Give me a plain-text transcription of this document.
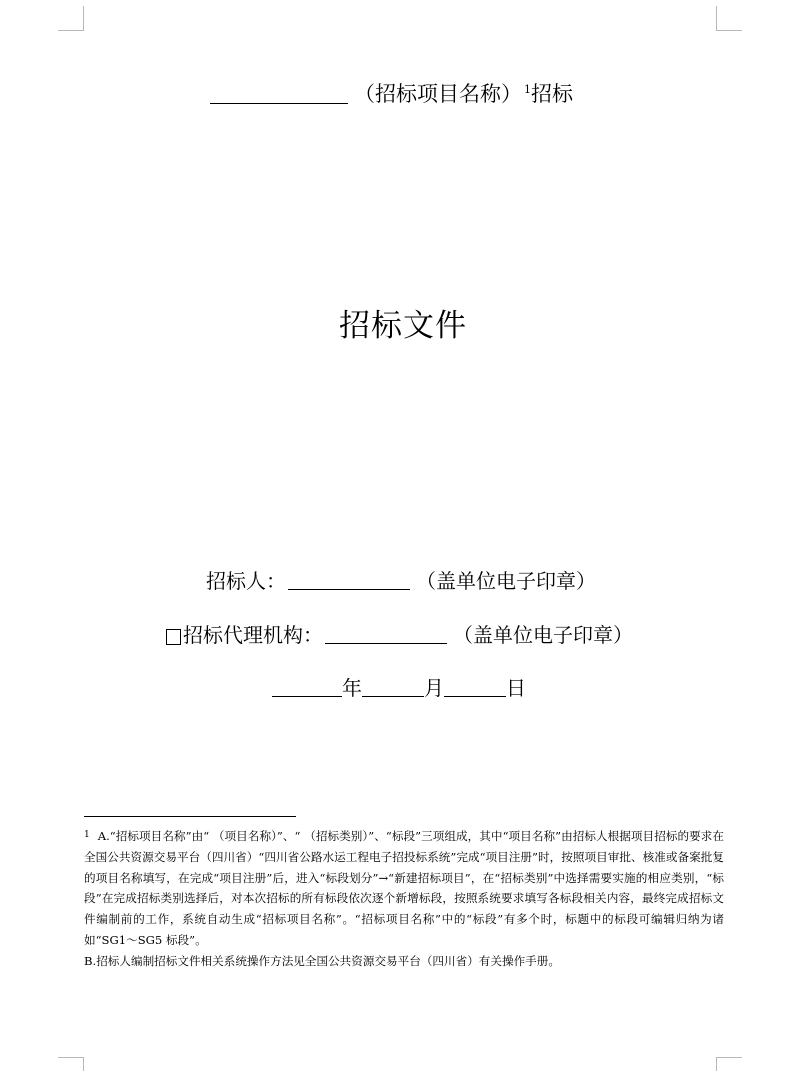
（招标项目名称） 1 招标
招标文件
招标人：	（盖单位电子印章）
招标代理机构：	（盖单位电子印章）
年	月	日

$^1$ A.“招标项目名称”由“ （项目名称）”、“ （招标类别）”、“标段”三项组成，其中“项目名称”由招标人根据项目招标的要求在全国公共资源交易平台（四川省）“四川省公路水运工程电子招投标系统”完成“项目注册”时，按照项目审批、核准或备案批复的项目名称填写，在完成“项目注册”后，进入“标段划分”→“新建招标项目”，在“招标类别”中选择需要实施的相应类别，“标段”在完成招标类别选择后，对本次招标的所有标段依次逐个新增标段，按照系统要求填写各标段相关内容，最终完成招标文件编制前的工作，系统自动生成“招标项目名称”。“招标项目名称”中的“标段”有多个时，标题中的标段可编辑归纳为诸如“SG1～SG5 标段”。

B.招标人编制招标文件相关系统操作方法见全国公共资源交易平台（四川省）有关操作手册。
